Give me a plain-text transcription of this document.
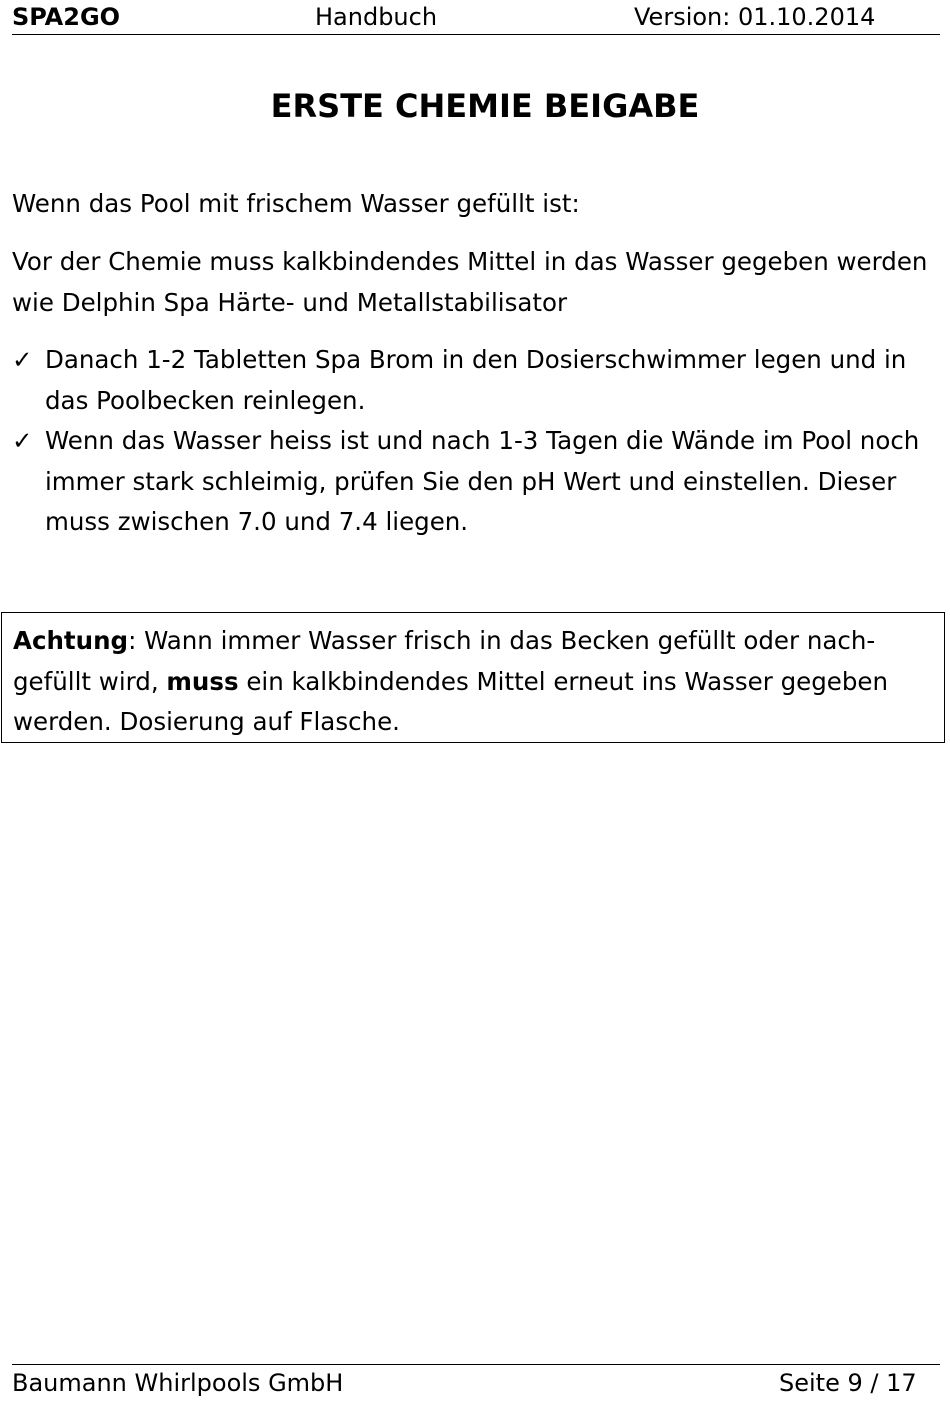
SPA2GO	Handbuch	Version: 01.10.2014
ERSTE CHEMIE BEIGABE

Wenn das Pool mit frischem Wasser gefüllt ist:

Vor der Chemie muss kalkbindendes Mittel in das Wasser gegeben werden wie Delphin Spa Härte- und Metallstabilisator

✓ Danach 1-2 Tabletten Spa Brom in den Dosierschwimmer legen und in das Poolbecken reinlegen.
✓ Wenn das Wasser heiss ist und nach 1-3 Tagen die Wände im Pool noch immer stark schleimig, prüfen Sie den pH Wert und einstellen. Dieser muss zwischen 7.0 und 7.4 liegen.

Achtung: Wann immer Wasser frisch in das Becken gefüllt oder nach-gefüllt wird, muss ein kalkbindendes Mittel erneut ins Wasser gegeben werden. Dosierung auf Flasche.

Baumann Whirlpools GmbH	Seite 9 / 17
